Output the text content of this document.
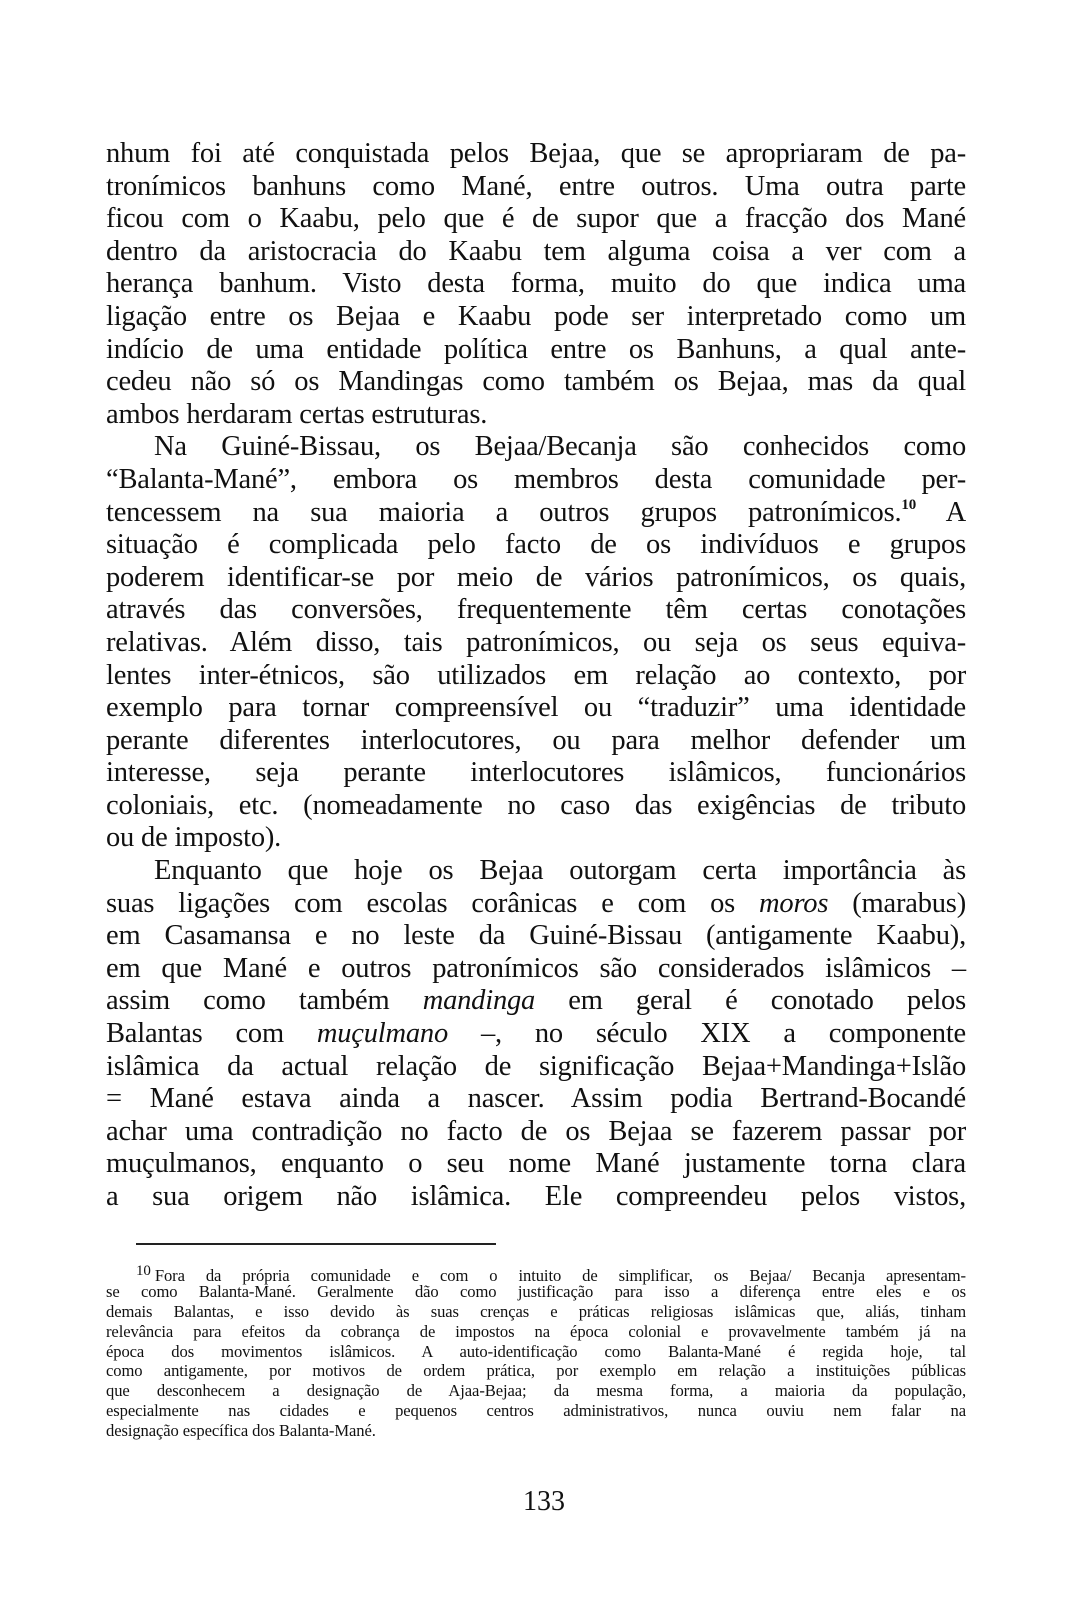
nhum foi até conquistada pelos Bejaa, que se apropriaram de pa-
tronímicos banhuns como Mané, entre outros. Uma outra parte
ficou com o Kaabu, pelo que é de supor que a fracção dos Mané
dentro da aristocracia do Kaabu tem alguma coisa a ver com a
herança banhum. Visto desta forma, muito do que indica uma
ligação entre os Bejaa e Kaabu pode ser interpretado como um
indício de uma entidade política entre os Banhuns, a qual ante-
cedeu não só os Mandingas como também os Bejaa, mas da qual
ambos herdaram certas estruturas.
Na Guiné-Bissau, os Bejaa/Becanja são conhecidos como
“Balanta-Mané”, embora os membros desta comunidade per-
tencessem na sua maioria a outros grupos patronímicos.$^{10}$ A
situação é complicada pelo facto de os indivíduos e grupos
poderem identificar-se por meio de vários patronímicos, os quais,
através das conversões, frequentemente têm certas conotações
relativas. Além disso, tais patronímicos, ou seja os seus equiva-
lentes inter-étnicos, são utilizados em relação ao contexto, por
exemplo para tornar compreensível ou “traduzir” uma identidade
perante diferentes interlocutores, ou para melhor defender um
interesse, seja perante interlocutores islâmicos, funcionários
coloniais, etc. (nomeadamente no caso das exigências de tributo
ou de imposto).
Enquanto que hoje os Bejaa outorgam certa importância às
suas ligações com escolas corânicas e com os moros (marabus)
em Casamansa e no leste da Guiné-Bissau (antigamente Kaabu),
em que Mané e outros patronímicos são considerados islâmicos –
assim como também mandinga em geral é conotado pelos
Balantas com muçulmano –, no século XIX a componente
islâmica da actual relação de significação Bejaa+Mandinga+Islão
= Mané estava ainda a nascer. Assim podia Bertrand-Bocandé
achar uma contradição no facto de os Bejaa se fazerem passar por
muçulmanos, enquanto o seu nome Mané justamente torna clara
a sua origem não islâmica. Ele compreendeu pelos vistos,
10 Fora da própria comunidade e com o intuito de simplificar, os Bejaa/ Becanja apresentam-
se como Balanta-Mané. Geralmente dão como justificação para isso a diferença entre eles e os
demais Balantas, e isso devido às suas crenças e práticas religiosas islâmicas que, aliás, tinham
relevância para efeitos da cobrança de impostos na época colonial e provavelmente também já na
época dos movimentos islâmicos. A auto-identificação como Balanta-Mané é regida hoje, tal
como antigamente, por motivos de ordem prática, por exemplo em relação a instituições públicas
que desconhecem a designação de Ajaa-Bejaa; da mesma forma, a maioria da população,
especialmente nas cidades e pequenos centros administrativos, nunca ouviu nem falar na
designação específica dos Balanta-Mané.
133
